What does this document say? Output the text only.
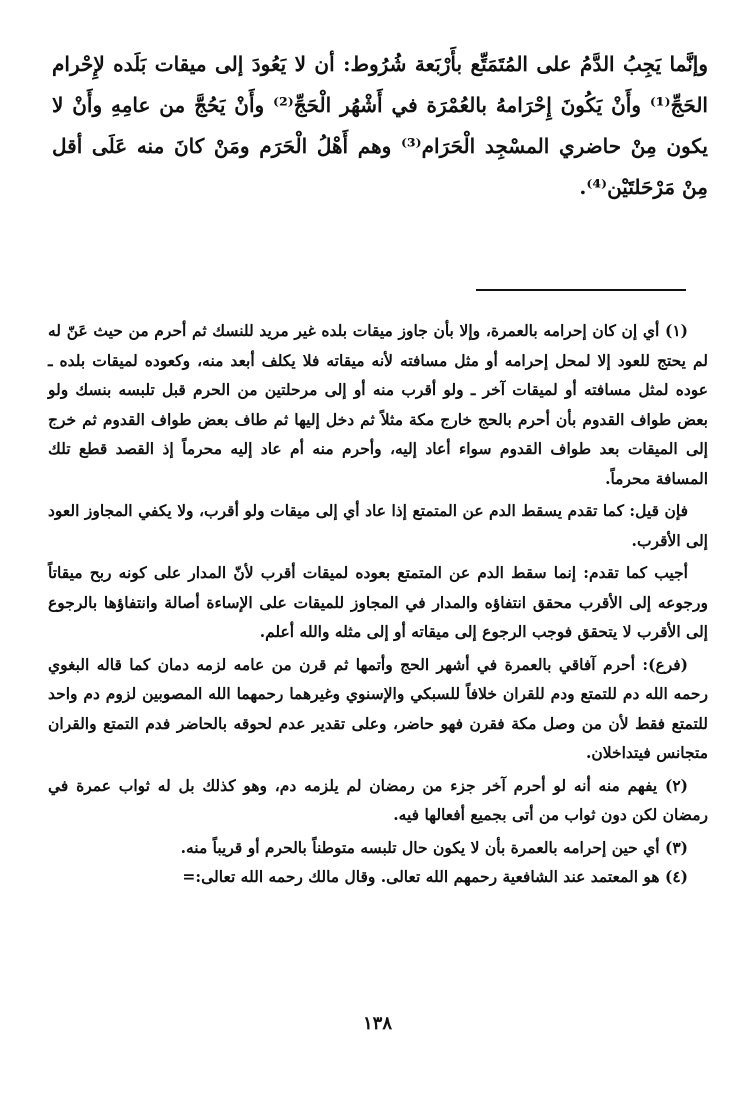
وإنَّما يَجِبُ الدَّمُ على المُتَمَتِّع بأَرْبَعة شُرُوط: أن لا يَعُودَ إلى ميقات بَلَده لإِحْرام الحَجِّ⁽¹⁾ وأَنْ يَكُونَ إِحْرَامهُ بالعُمْرَة في أَشْهُر الْحَجِّ⁽²⁾ وأَنْ يَحُجَّ من عامِهِ وأَنْ لا يكون مِنْ حاضري المسْجِد الْحَرَام⁽³⁾ وهم أَهْلُ الْحَرَم ومَنْ كانَ منه عَلَى أقل مِنْ مَرْحَلتَيْن⁽⁴⁾.

(١) أي إن كان إحرامه بالعمرة، وإلا بأن جاوز ميقات بلده غير مريد للنسك ثم أحرم من حيث عَنّ له لم يحتج للعود إلا لمحل إحرامه أو مثل مسافته لأنه ميقاته فلا يكلف أبعد منه، وكعوده لميقات بلده ـ عوده لمثل مسافته أو لميقات آخر ـ ولو أقرب منه أو إلى مرحلتين من الحرم قبل تلبسه بنسك ولو بعض طواف القدوم بأن أحرم بالحج خارج مكة مثلاً ثم دخل إليها ثم طاف بعض طواف القدوم ثم خرج إلى الميقات بعد طواف القدوم سواء أعاد إليه، وأحرم منه أم عاد إليه محرماً إذ القصد قطع تلك المسافة محرماً.

فإن قيل: كما تقدم يسقط الدم عن المتمتع إذا عاد أي إلى ميقات ولو أقرب، ولا يكفي المجاوز العود إلى الأقرب.

أجيب كما تقدم: إنما سقط الدم عن المتمتع بعوده لميقات أقرب لأنّ المدار على كونه ربح ميقاتاً ورجوعه إلى الأقرب محقق انتفاؤه والمدار في المجاوز للميقات على الإساءة أصالة وانتفاؤها بالرجوع إلى الأقرب لا يتحقق فوجب الرجوع إلى ميقاته أو إلى مثله والله أعلم.

(فرع): أحرم آفاقي بالعمرة في أشهر الحج وأتمها ثم قرن من عامه لزمه دمان كما قاله البغوي رحمه الله دم للتمتع ودم للقران خلافاً للسبكي والإسنوي وغيرهما رحمهما الله المصوبين لزوم دم واحد للتمتع فقط لأن من وصل مكة فقرن فهو حاضر، وعلى تقدير عدم لحوقه بالحاضر فدم التمتع والقران متجانس فيتداخلان.

(٢) يفهم منه أنه لو أحرم آخر جزء من رمضان لم يلزمه دم، وهو كذلك بل له ثواب عمرة في رمضان لكن دون ثواب من أتى بجميع أفعالها فيه.

(٣) أي حين إحرامه بالعمرة بأن لا يكون حال تلبسه متوطناً بالحرم أو قريباً منه.

(٤) هو المعتمد عند الشافعية رحمهم الله تعالى. وقال مالك رحمه الله تعالى:=

١٣٨
